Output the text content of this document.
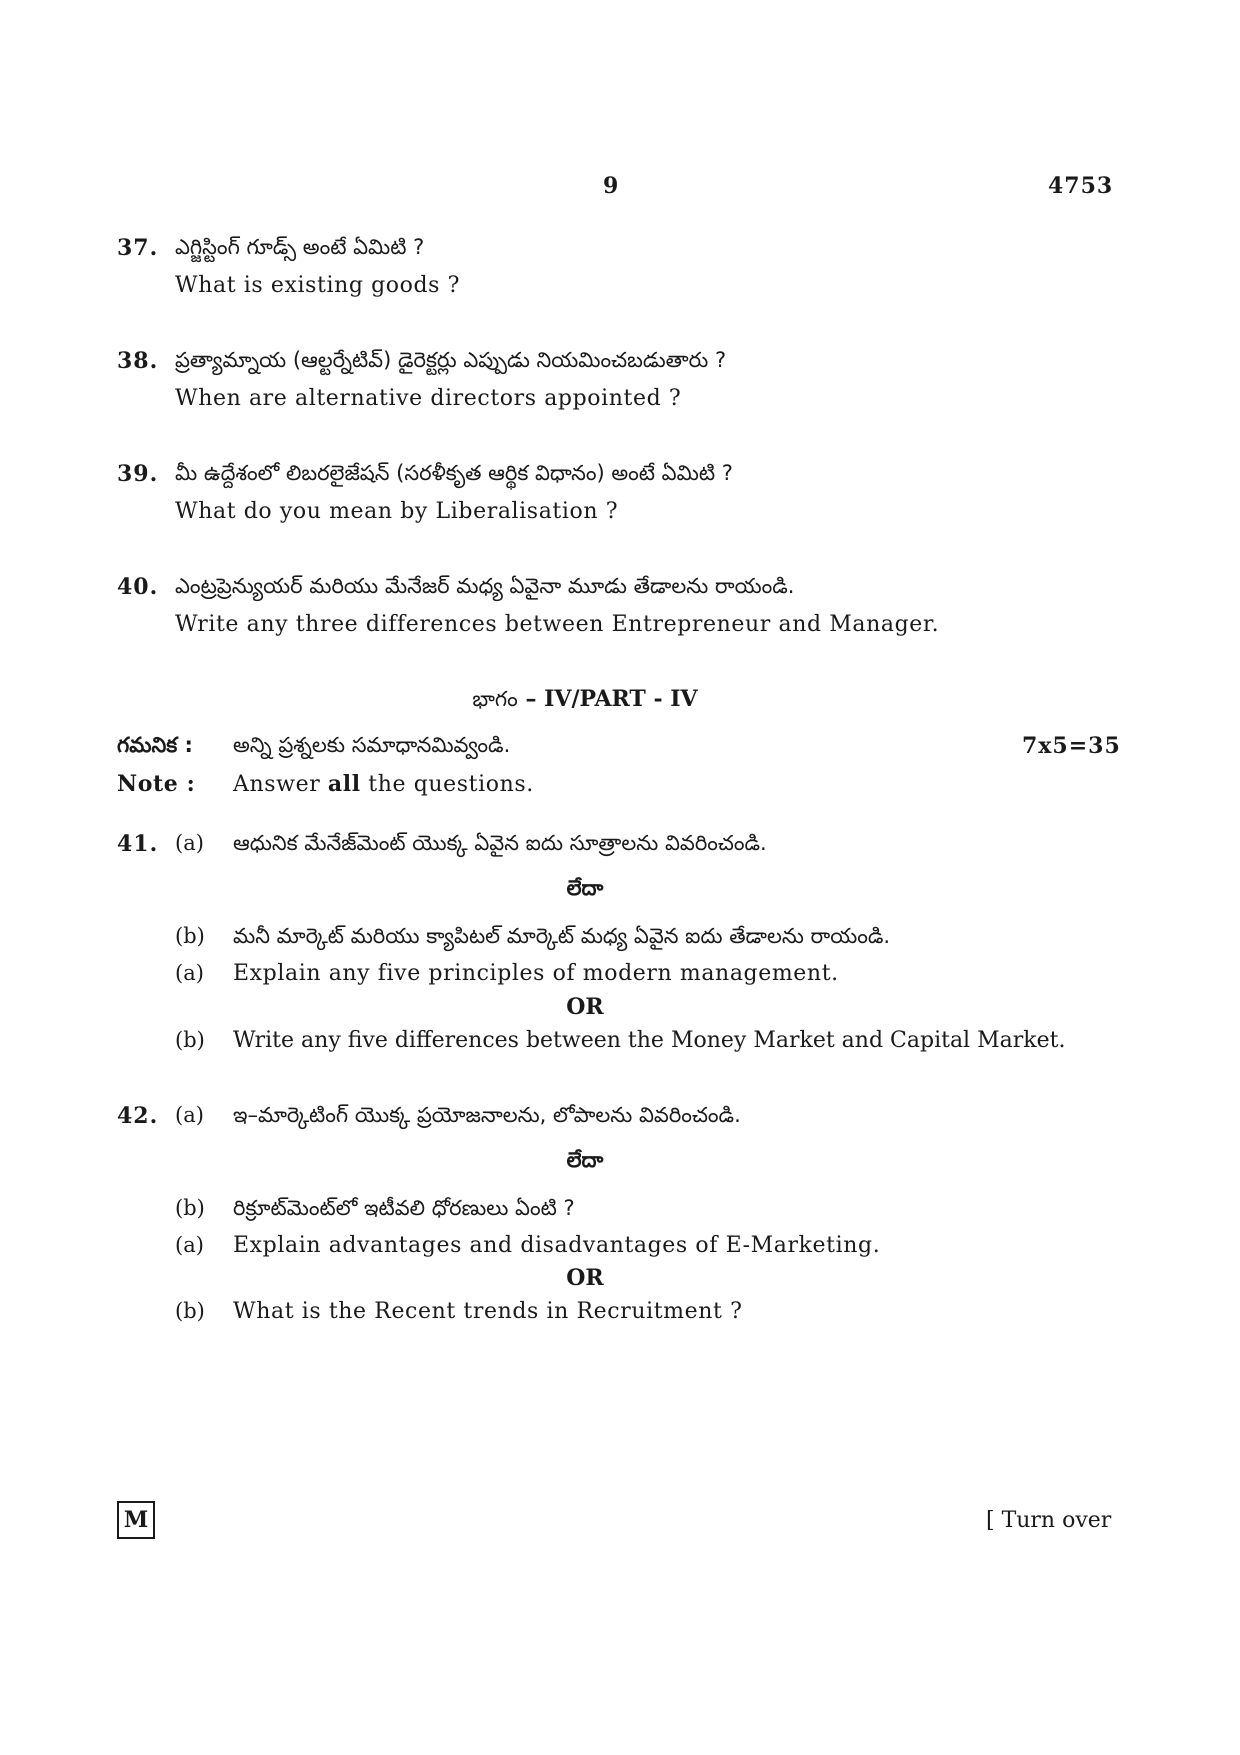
9	4753
37. ఎగ్జిస్టింగ్ గూడ్స్ అంటే ఏమిటి ?
What is existing goods ?
38. ప్రత్యామ్నాయ (ఆల్టర్నేటివ్) డైరెక్టర్లు ఎప్పుడు నియమించబడుతారు ?
When are alternative directors appointed ?
39. మీ ఉద్దేశంలో లిబరలైజేషన్ (సరళీకృత ఆర్థిక విధానం) అంటే ఏమిటి ?
What do you mean by Liberalisation ?
40. ఎంట్రప్రెన్యుయర్ మరియు మేనేజర్ మధ్య ఏవైనా మూడు తేడాలను రాయండి.
Write any three differences between Entrepreneur and Manager.
భాగం – IV/PART - IV
గమనిక : అన్ని ప్రశ్నలకు సమాధానమివ్వండి.	7x5=35
Note : Answer all the questions.
41. (a) ఆధునిక మేనేజ్‌మెంట్ యొక్క ఏవైన ఐదు సూత్రాలను వివరించండి.
లేదా
(b) మనీ మార్కెట్ మరియు క్యాపిటల్ మార్కెట్ మధ్య ఏవైన ఐదు తేడాలను రాయండి.
(a) Explain any five principles of modern management.
OR
(b) Write any five differences between the Money Market and Capital Market.
42. (a) ఇ–మార్కెటింగ్ యొక్క ప్రయోజనాలను, లోపాలను వివరించండి.
లేదా
(b) రిక్రూట్‌మెంట్‌లో ఇటీవలి ధోరణులు ఏంటి ?
(a) Explain advantages and disadvantages of E-Marketing.
OR
(b) What is the Recent trends in Recruitment ?
M	[ Turn over
